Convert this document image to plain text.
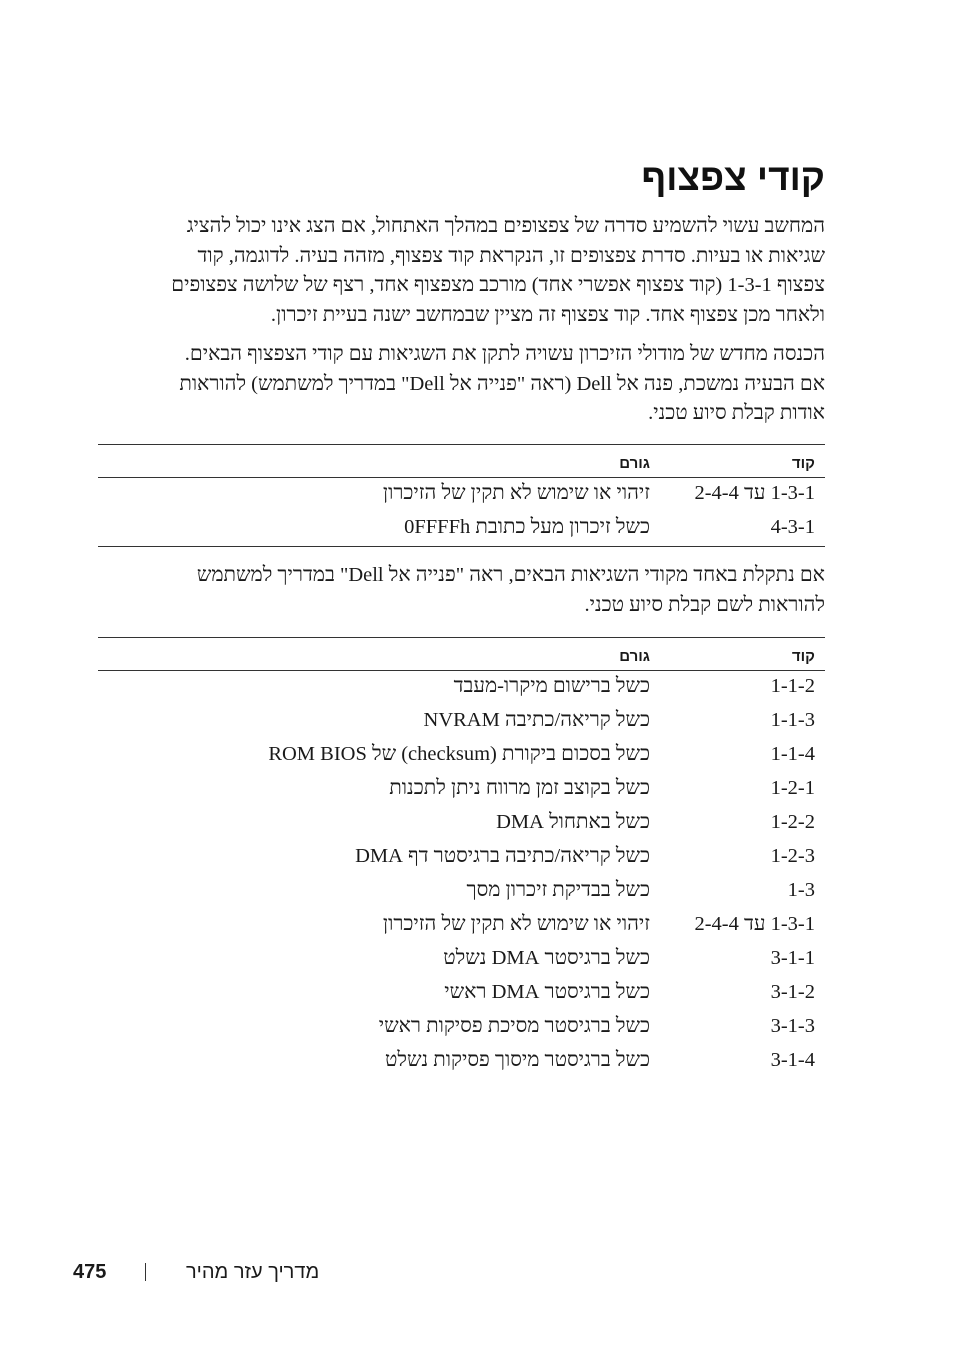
קודי צפצוף

המחשב עשוי להשמיע סדרה של צפצופים במהלך האתחול, אם הצג אינו יכול להציג
שגיאות או בעיות. סדרת צפצופים זו, הנקראת קוד צפצוף, מזהה בעיה. לדוגמה, קוד
צפצוף 1-3-1 (קוד צפצוף אפשרי אחד) מורכב מצפצוף אחד, רצף של שלושה צפצופים
ולאחר מכן צפצוף אחד. קוד צפצוף זה מציין שבמחשב ישנה בעיית זיכרון.

הכנסה מחדש של מודולי הזיכרון עשויה לתקן את השגיאות עם קודי הצפצוף הבאים.
אם הבעיה נמשכת, פנה אל Dell (ראה "פנייה אל Dell" במדריך למשתמש) להוראות
אודות קבלת סיוע טכני.

קוד
גורם
1-3-1 עד 2-4-4
זיהוי או שימוש לא תקין של הזיכרון
4-3-1
כשל זיכרון מעל כתובת 0FFFFh

אם נתקלת באחד מקודי השגיאות הבאים, ראה "פנייה אל Dell" במדריך למשתמש
להוראות לשם קבלת סיוע טכני.

קוד
גורם
1-1-2
כשל ברישום מיקרו-מעבד
1-1-3
כשל קריאה/כתיבה NVRAM
1-1-4
כשל בסכום ביקורת (checksum) של ROM BIOS
1-2-1
כשל בקוצב זמן מרווח ניתן לתכנות
1-2-2
כשל באתחול DMA
1-2-3
כשל קריאה/כתיבה ברגיסטר דף DMA
1-3
כשל בבדיקת זיכרון מסך
1-3-1 עד 2-4-4
זיהוי או שימוש לא תקין של הזיכרון
3-1-1
כשל ברגיסטר DMA נשלט
3-1-2
כשל ברגיסטר DMA ראשי
3-1-3
כשל ברגיסטר מסיכת פסיקות ראשי
3-1-4
כשל ברגיסטר מיסוך פסיקות נשלט
475	מדריך עזר מהיר
